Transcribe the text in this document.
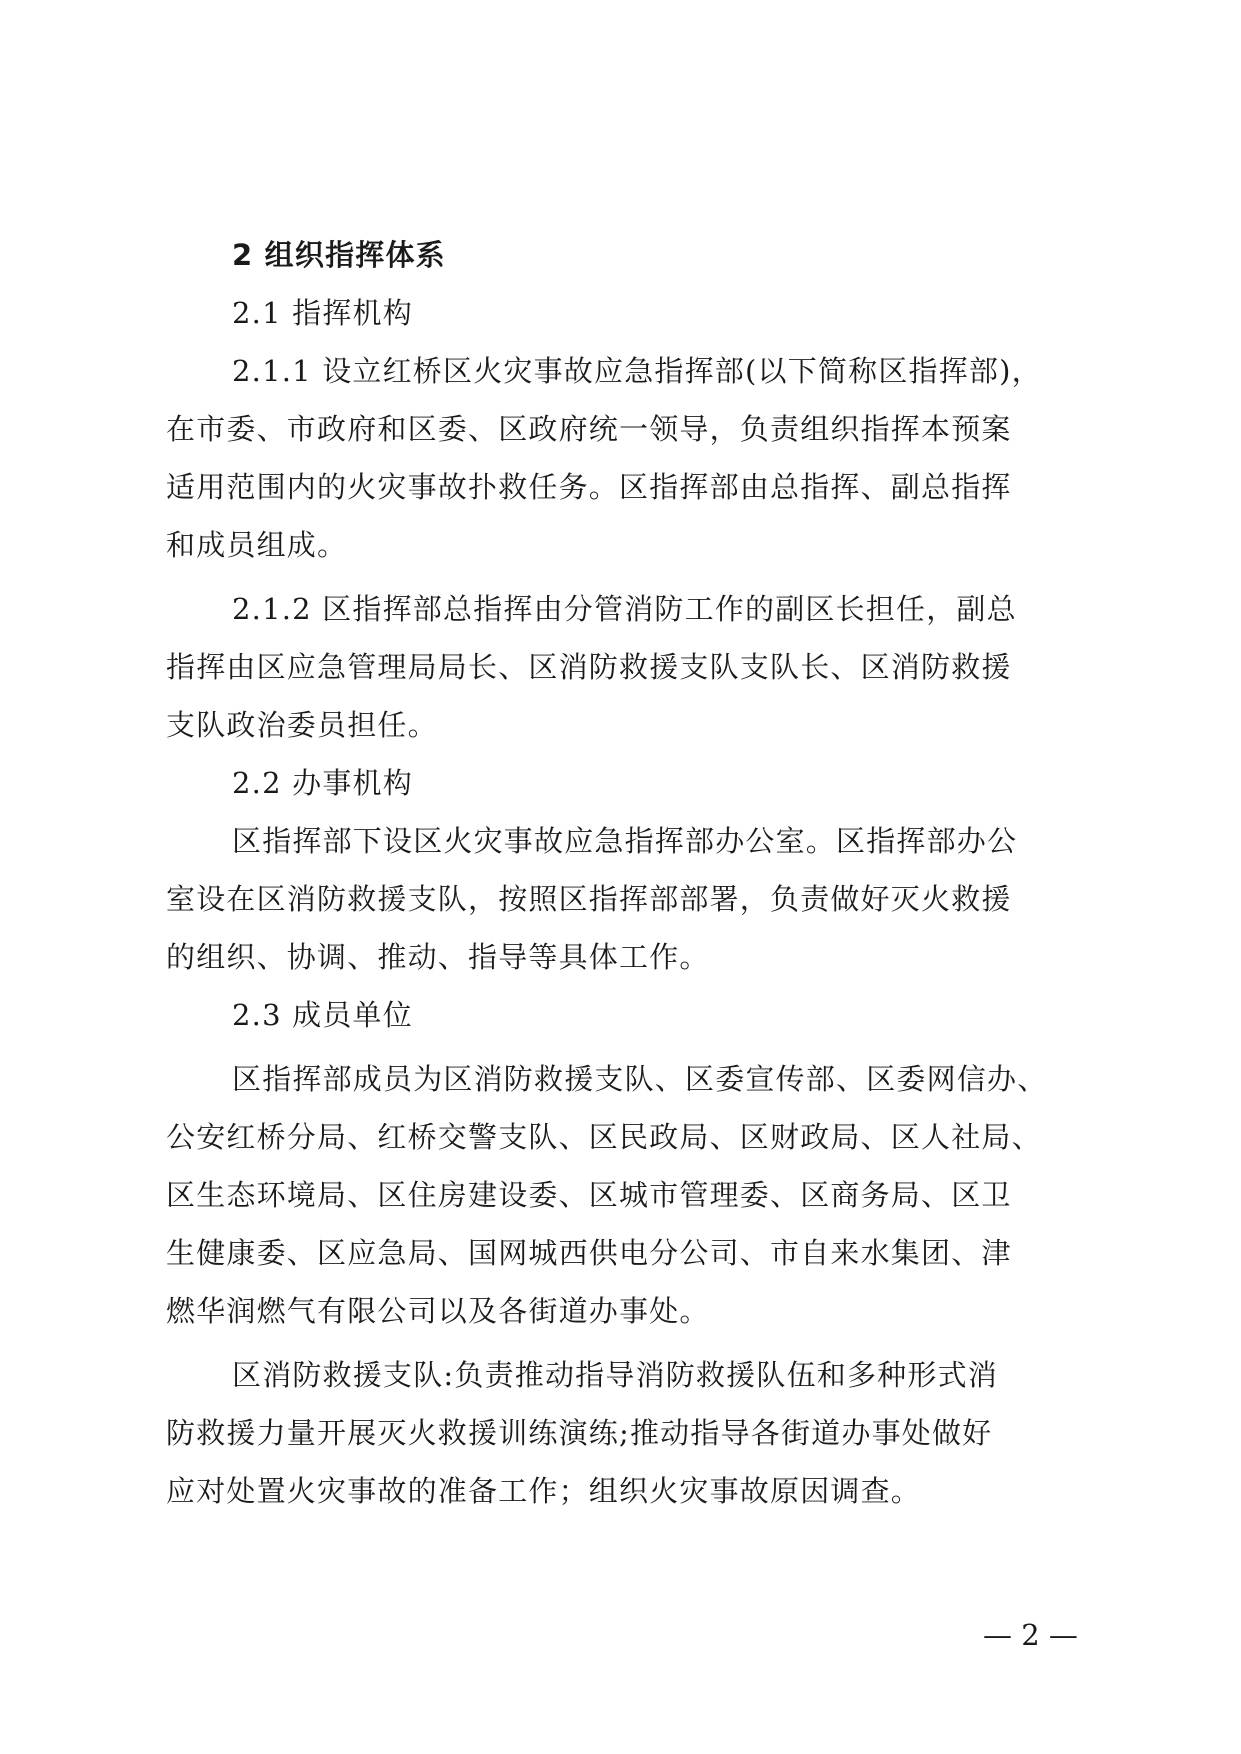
2 组织指挥体系
2.1 指挥机构
2.1.1 设立红桥区火灾事故应急指挥部(以下简称区指挥部)，
在市委、市政府和区委、区政府统一领导，负责组织指挥本预案
适用范围内的火灾事故扑救任务。区指挥部由总指挥、副总指挥
和成员组成。
2.1.2 区指挥部总指挥由分管消防工作的副区长担任，副总
指挥由区应急管理局局长、区消防救援支队支队长、区消防救援
支队政治委员担任。
2.2 办事机构
区指挥部下设区火灾事故应急指挥部办公室。区指挥部办公
室设在区消防救援支队，按照区指挥部部署，负责做好灭火救援
的组织、协调、推动、指导等具体工作。
2.3 成员单位
区指挥部成员为区消防救援支队、区委宣传部、区委网信办、
公安红桥分局、红桥交警支队、区民政局、区财政局、区人社局、
区生态环境局、区住房建设委、区城市管理委、区商务局、区卫
生健康委、区应急局、国网城西供电分公司、市自来水集团、津
燃华润燃气有限公司以及各街道办事处。
区消防救援支队:负责推动指导消防救援队伍和多种形式消
防救援力量开展灭火救援训练演练;推动指导各街道办事处做好
应对处置火灾事故的准备工作；组织火灾事故原因调查。
— 2 —
